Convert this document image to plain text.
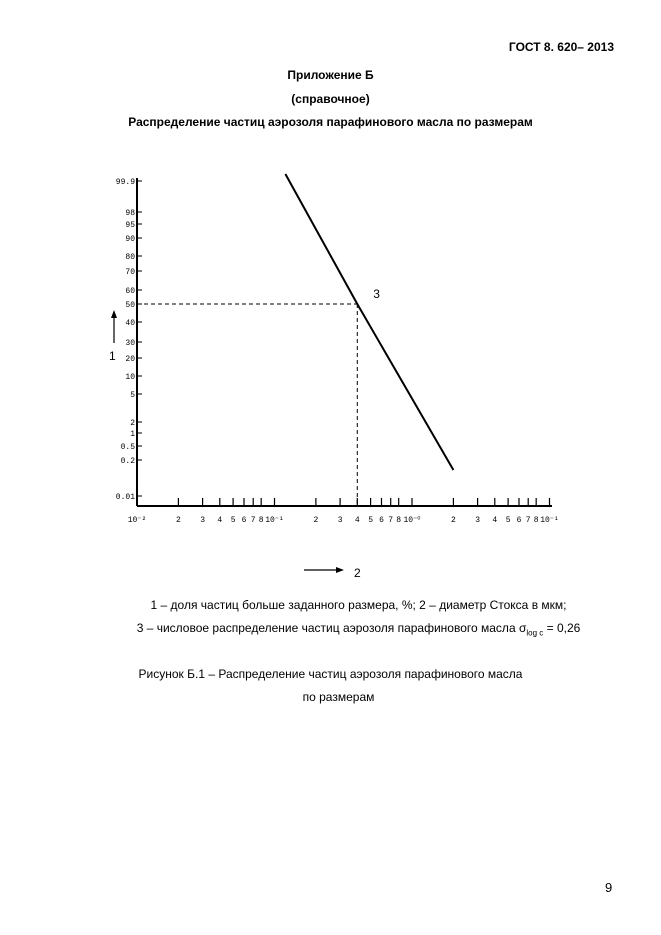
ГОСТ 8. 620– 2013
Приложение Б
(справочное)
Распределение частиц аэрозоля парафинового масла по размерам
99.9
98
95
90
80
70
60
50
40
30
20
10
5
2
1
0.5
0.2
0.01
10⁻²	2 3 4 5 6 7 8 10⁻¹	2 3 4 5 6 7 8 10⁻⁰	2 3 4 5 6 7 8 10⁻¹
3
1
2
1 – доля частиц больше заданного размера, %; 2 – диаметр Стокса в мкм;
3 – числовое распределение частиц аэрозоля парафинового масла $\sigma_{log c} = 0,26$
Рисунок Б.1 – Распределение частиц аэрозоля парафинового масла
по размерам
9
